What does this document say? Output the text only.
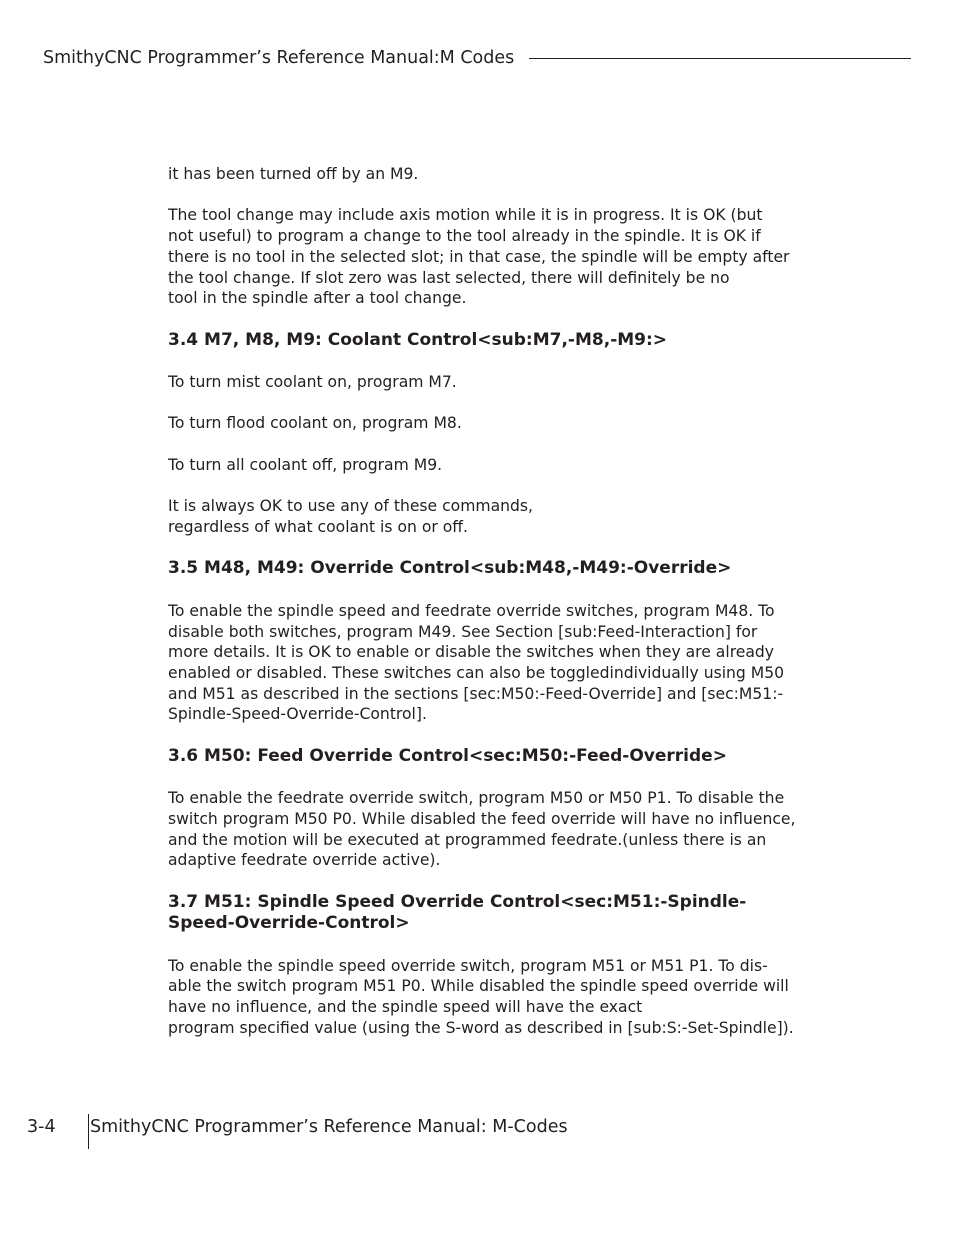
SmithyCNC Programmer’s Reference Manual:M Codes

it has been turned off by an M9.

The tool change may include axis motion while it is in progress. It is OK (but
not useful) to program a change to the tool already in the spindle. It is OK if
there is no tool in the selected slot; in that case, the spindle will be empty after
the tool change. If slot zero was last selected, there will definitely be no
tool in the spindle after a tool change.

3.4 M7, M8, M9: Coolant Control<sub:M7,-M8,-M9:>

To turn mist coolant on, program M7.

To turn flood coolant on, program M8.

To turn all coolant off, program M9.

It is always OK to use any of these commands,
regardless of what coolant is on or off.

3.5 M48, M49: Override Control<sub:M48,-M49:-Override>

To enable the spindle speed and feedrate override switches, program M48. To
disable both switches, program M49. See Section [sub:Feed-Interaction] for
more details. It is OK to enable or disable the switches when they are already
enabled or disabled. These switches can also be toggledindividually using M50
and M51 as described in the sections [sec:M50:-Feed-Override] and [sec:M51:-
Spindle-Speed-Override-Control].

3.6 M50: Feed Override Control<sec:M50:-Feed-Override>

To enable the feedrate override switch, program M50 or M50 P1. To disable the
switch program M50 P0. While disabled the feed override will have no influence,
and the motion will be executed at programmed feedrate.(unless there is an
adaptive feedrate override active).

3.7 M51: Spindle Speed Override Control<sec:M51:-Spindle-
Speed-Override-Control>

To enable the spindle speed override switch, program M51 or M51 P1. To dis-
able the switch program M51 P0. While disabled the spindle speed override will
have no influence, and the spindle speed will have the exact
program specified value (using the S-word as described in [sub:S:-Set-Spindle]).

3-4 SmithyCNC Programmer’s Reference Manual: M-Codes
